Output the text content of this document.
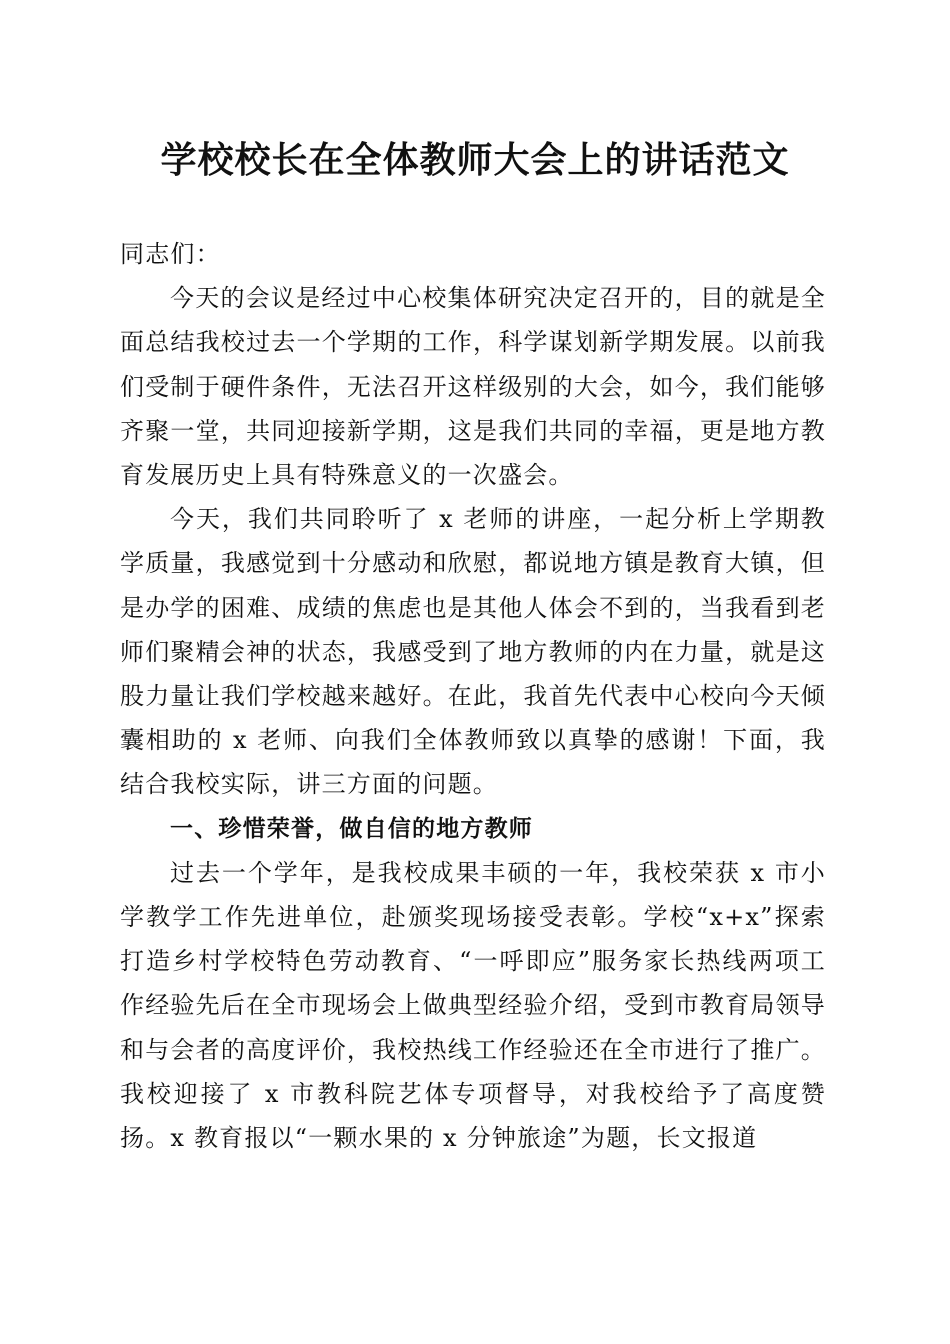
学校校长在全体教师大会上的讲话范文

同志们：

今天的会议是经过中心校集体研究决定召开的，目的就是全面总结我校过去一个学期的工作，科学谋划新学期发展。以前我们受制于硬件条件，无法召开这样级别的大会，如今，我们能够齐聚一堂，共同迎接新学期，这是我们共同的幸福，更是地方教育发展历史上具有特殊意义的一次盛会。

今天，我们共同聆听了 x 老师的讲座，一起分析上学期教学质量，我感觉到十分感动和欣慰，都说地方镇是教育大镇，但是办学的困难、成绩的焦虑也是其他人体会不到的，当我看到老师们聚精会神的状态，我感受到了地方教师的内在力量，就是这股力量让我们学校越来越好。在此，我首先代表中心校向今天倾囊相助的 x 老师、向我们全体教师致以真挚的感谢！下面，我结合我校实际，讲三方面的问题。

一、珍惜荣誉，做自信的地方教师

过去一个学年，是我校成果丰硕的一年，我校荣获 x 市小学教学工作先进单位，赴颁奖现场接受表彰。学校“x+x”探索打造乡村学校特色劳动教育、“一呼即应”服务家长热线两项工作经验先后在全市现场会上做典型经验介绍，受到市教育局领导和与会者的高度评价，我校热线工作经验还在全市进行了推广。我校迎接了 x 市教科院艺体专项督导，对我校给予了高度赞扬。x 教育报以“一颗水果的 x 分钟旅途”为题，长文报道
